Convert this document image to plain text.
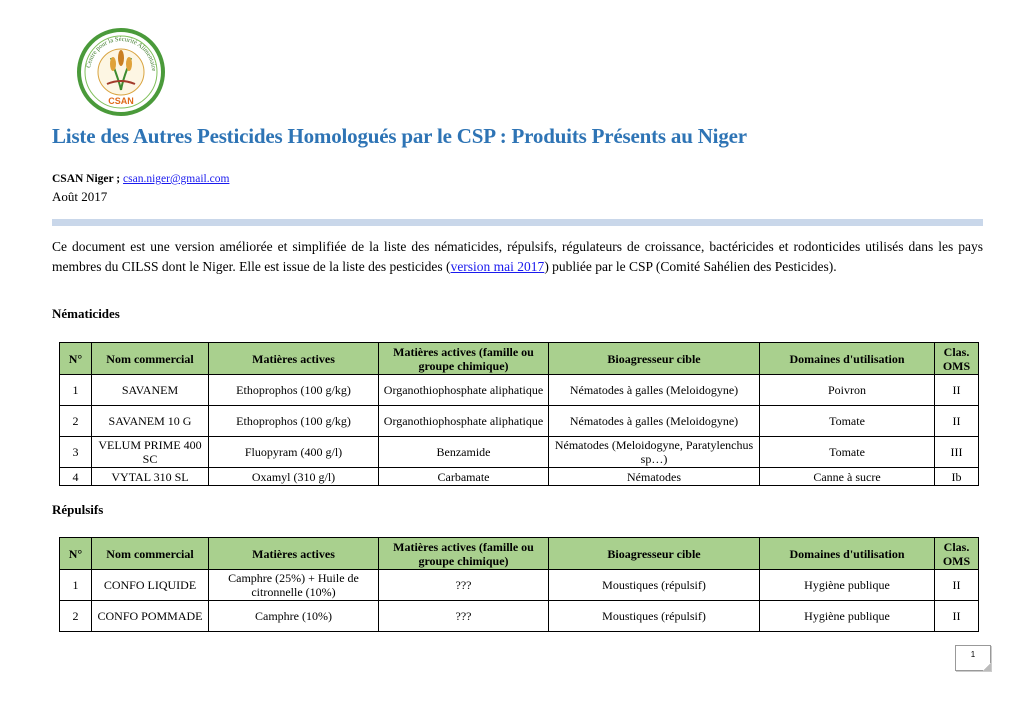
Centre pour la Sécurité Alimentaire
CSAN
Liste des Autres Pesticides Homologués par le CSP : Produits Présents au Niger
CSAN Niger ; csan.niger@gmail.com
Août 2017

Ce document est une version améliorée et simplifiée de la liste des nématicides, répulsifs, régulateurs de croissance, bactéricides et rodonticides utilisés dans les pays membres du CILSS dont le Niger. Elle est issue de la liste des pesticides (version mai 2017) publiée par le CSP (Comité Sahélien des Pesticides).

Nématicides
N°	Nom commercial	Matières actives	Matières actives (famille ou groupe chimique)	Bioagresseur cible	Domaines d'utilisation	Clas. OMS
1	SAVANEM	Ethoprophos (100 g/kg)	Organothiophosphate aliphatique	Nématodes à galles (Meloidogyne)	Poivron	II
2	SAVANEM 10 G	Ethoprophos (100 g/kg)	Organothiophosphate aliphatique	Nématodes à galles (Meloidogyne)	Tomate	II
3	VELUM PRIME 400 SC	Fluopyram (400 g/l)	Benzamide	Nématodes (Meloidogyne, Paratylenchus sp…)	Tomate	III
4	VYTAL 310 SL	Oxamyl (310 g/l)	Carbamate	Nématodes	Canne à sucre	Ib
Répulsifs
N°	Nom commercial	Matières actives	Matières actives (famille ou groupe chimique)	Bioagresseur cible	Domaines d'utilisation	Clas. OMS
1	CONFO LIQUIDE	Camphre (25%) + Huile de citronnelle (10%)	???	Moustiques (répulsif)	Hygiène publique	II
2	CONFO POMMADE	Camphre (10%)	???	Moustiques (répulsif)	Hygiène publique	II
1
